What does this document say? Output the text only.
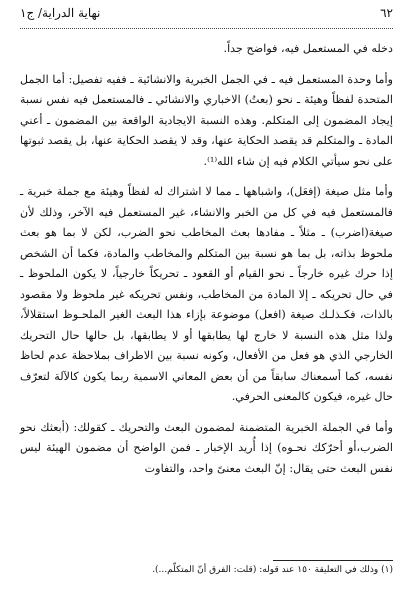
٦٢
نهاية الدراية/ ج١

دخله في المستعمل فيه، فواضح جداً.

وأما وحدة المستعمل فيه ـ في الجمل الخبرية والانشائية ـ ففيه تفصيل: أما الجمل المتحدة لفظاً وهيئة ـ نحو (بعتُ) الاخباري والانشائي ـ فالمستعمل فيه نفس نسبة إيجاد المضمون إلى المتكلم. وهذه النسبة الايجادية الواقعة بين المضمون ـ أعني المادة ـ والمتكلم قد يقصد الحكاية عنها، وقد لا يقصد الحكاية عنها، بل يقصد ثبوتها على نحو سيأتي الكلام فيه إن شاء الله⁽¹⁾.

وأما مثل صيغة (إفعَل)، واشباهها ـ مما لا اشتراك له لفظاً وهيئة مع جملة خبرية ـ فالمستعمل فيه في كل من الخبر والانشاء، غير المستعمل فيه الآخر، وذلك لأن صيغة(اضرب) ـ مثلاً ـ مفادها بعث المخاطب نحو الضرب، لكن لا بما هو بعث ملحوظ بذاته، بل بما هو نسبة بين المتكلم والمخاطب والمادة، فكما أن الشخص إذا حرك غيره خارجاً ـ نحو القيام أو القعود ـ تحريكاً خارجياً، لا يكون الملحوظ ـ في حال تحريكه ـ إلا المادة من المخاطب، ونفس تحريكه غير ملحوظ ولا مقصود بالذات، فكـذلـك صيغة (افعل) موضوعة بإزاء هذا البعث الغير الملحـوظ استقلالاً، ولذا مثل هذه النسبة لا خارج لها يطابقها أو لا يطابقها، بل حالها حال التحريك الخارجي الذي هو فعل من الأفعال، وكونه نسبة بين الاطراف بملاحظة عدم لحاظ نفسه، كما أسمعناك سابقاً من أن بعض المعاني الاسمية ربما يكون كالآلة لتعرّف حال غيره، فيكون كالمعنى الحرفي.

وأما في الجملة الخبرية المتضمنة لمضمون البعث والتحريك ـ كقولك: (أبعثك نحو الضرب،أو أحرّكك نحـوه) إذا أُريد الإخبار ـ فمن الواضح أن مضمون الهيئة ليس نفس البعث حتى يقال: إنّ البعث معنىً واحد، والتفاوت

(١) وذلك في التعليقة ١٥٠ عند قوله: (قلت: الفرق أنّ المتكلّم...).
